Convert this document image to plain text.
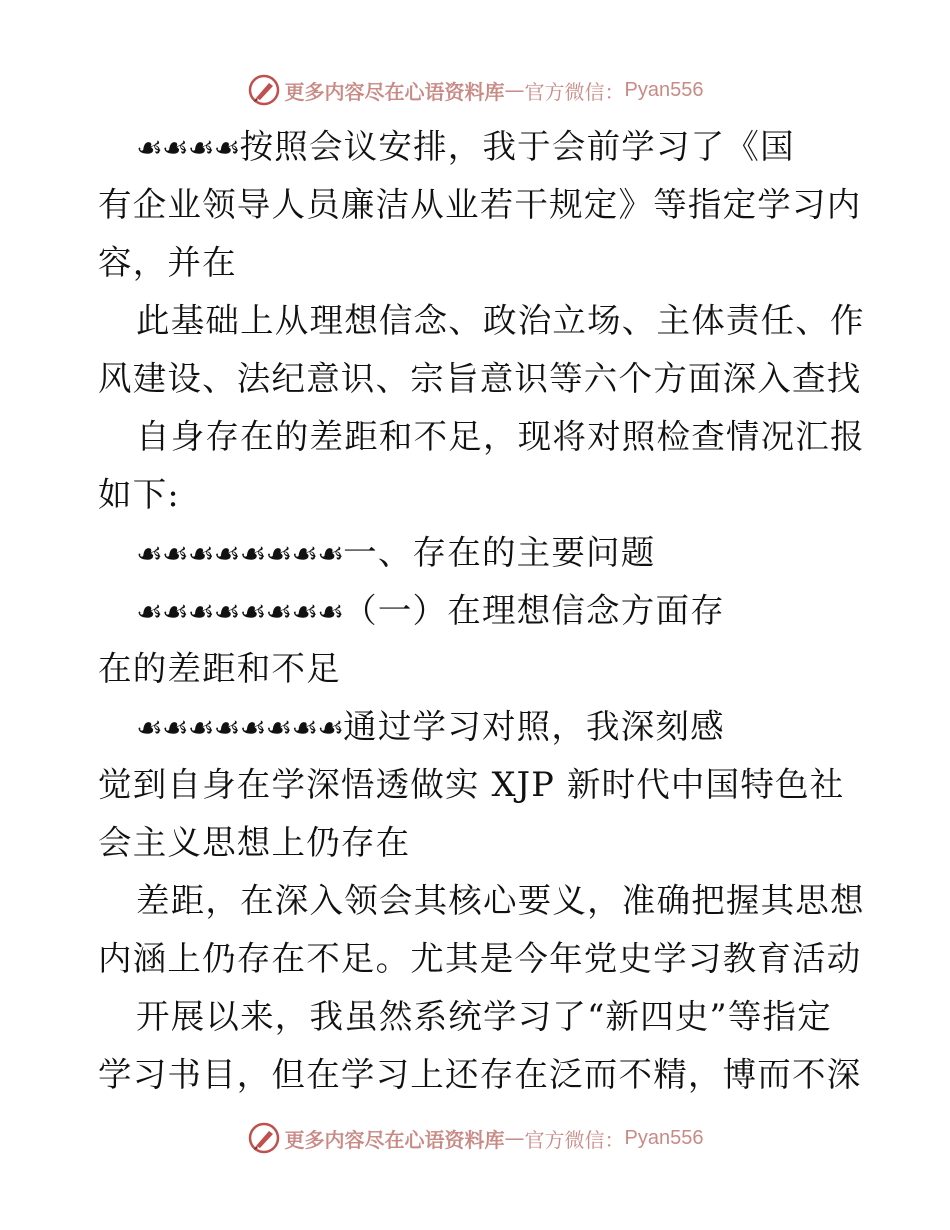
更多内容尽在心语资料库 — 官方微信： Pyan556
☙☙☙☙按照会议安排，我于会前学习了《国
有企业领导人员廉洁从业若干规定》等指定学习内
容，并在
此基础上从理想信念、政治立场、主体责任、作
风建设、法纪意识、宗旨意识等六个方面深入查找
自身存在的差距和不足，现将对照检查情况汇报
如下:
☙☙☙☙☙☙☙☙一、存在的主要问题
☙☙☙☙☙☙☙☙（一）在理想信念方面存
在的差距和不足
☙☙☙☙☙☙☙☙通过学习对照，我深刻感
觉到自身在学深悟透做实 XJP 新时代中国特色社
会主义思想上仍存在
差距，在深入领会其核心要义，准确把握其思想
内涵上仍存在不足。尤其是今年党史学习教育活动
开展以来，我虽然系统学习了“新四史”等指定
学习书目，但在学习上还存在泛而不精，博而不深
更多内容尽在心语资料库 — 官方微信： Pyan556
